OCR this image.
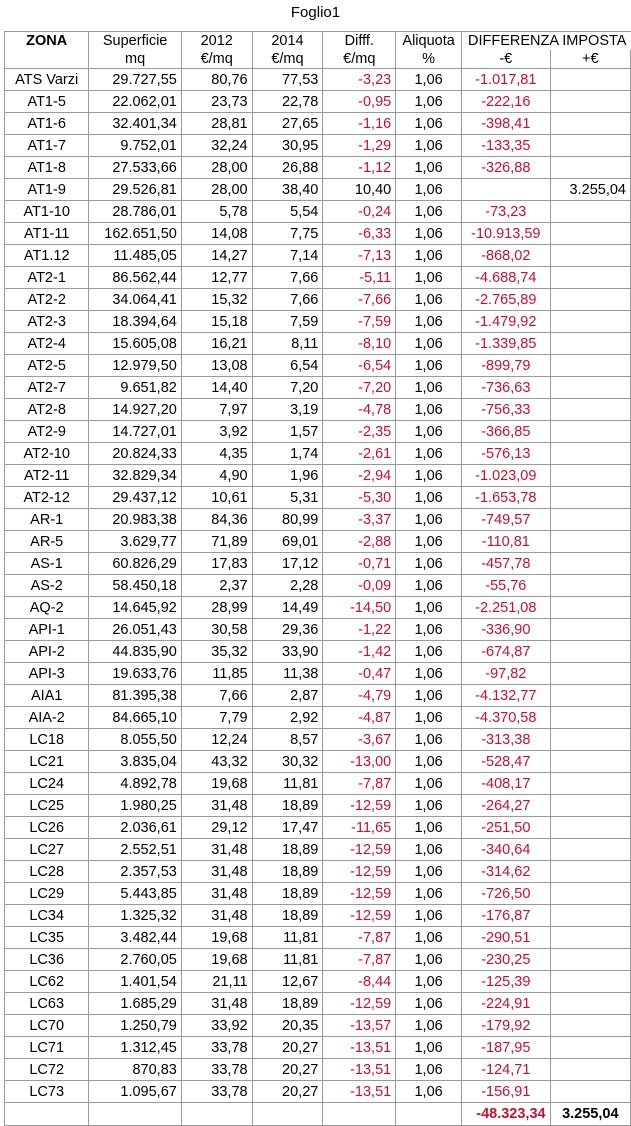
Foglio1
ZONA	Superficie	2012	2014	Difff.	Aliquota	DIFFERENZA IMPOSTA	
	mq	€/mq	€/mq	€/mq	%	-€	+€
ATS Varzi	29.727,55	80,76	77,53	-3,23	1,06	-1.017,81	
AT1-5	22.062,01	23,73	22,78	-0,95	1,06	-222,16	
AT1-6	32.401,34	28,81	27,65	-1,16	1,06	-398,41	
AT1-7	9.752,01	32,24	30,95	-1,29	1,06	-133,35	
AT1-8	27.533,66	28,00	26,88	-1,12	1,06	-326,88	
AT1-9	29.526,81	28,00	38,40	10,40	1,06		3.255,04
AT1-10	28.786,01	5,78	5,54	-0,24	1,06	-73,23	
AT1-11	162.651,50	14,08	7,75	-6,33	1,06	-10.913,59	
AT1.12	11.485,05	14,27	7,14	-7,13	1,06	-868,02	
AT2-1	86.562,44	12,77	7,66	-5,11	1,06	-4.688,74	
AT2-2	34.064,41	15,32	7,66	-7,66	1,06	-2.765,89	
AT2-3	18.394,64	15,18	7,59	-7,59	1,06	-1.479,92	
AT2-4	15.605,08	16,21	8,11	-8,10	1,06	-1.339,85	
AT2-5	12.979,50	13,08	6,54	-6,54	1,06	-899,79	
AT2-7	9.651,82	14,40	7,20	-7,20	1,06	-736,63	
AT2-8	14.927,20	7,97	3,19	-4,78	1,06	-756,33	
AT2-9	14.727,01	3,92	1,57	-2,35	1,06	-366,85	
AT2-10	20.824,33	4,35	1,74	-2,61	1,06	-576,13	
AT2-11	32.829,34	4,90	1,96	-2,94	1,06	-1.023,09	
AT2-12	29.437,12	10,61	5,31	-5,30	1,06	-1.653,78	
AR-1	20.983,38	84,36	80,99	-3,37	1,06	-749,57	
AR-5	3.629,77	71,89	69,01	-2,88	1,06	-110,81	
AS-1	60.826,29	17,83	17,12	-0,71	1,06	-457,78	
AS-2	58.450,18	2,37	2,28	-0,09	1,06	-55,76	
AQ-2	14.645,92	28,99	14,49	-14,50	1,06	-2.251,08	
API-1	26.051,43	30,58	29,36	-1,22	1,06	-336,90	
API-2	44.835,90	35,32	33,90	-1,42	1,06	-674,87	
API-3	19.633,76	11,85	11,38	-0,47	1,06	-97,82	
AIA1	81.395,38	7,66	2,87	-4,79	1,06	-4.132,77	
AIA-2	84.665,10	7,79	2,92	-4,87	1,06	-4.370,58	
LC18	8.055,50	12,24	8,57	-3,67	1,06	-313,38	
LC21	3.835,04	43,32	30,32	-13,00	1,06	-528,47	
LC24	4.892,78	19,68	11,81	-7,87	1,06	-408,17	
LC25	1.980,25	31,48	18,89	-12,59	1,06	-264,27	
LC26	2.036,61	29,12	17,47	-11,65	1,06	-251,50	
LC27	2.552,51	31,48	18,89	-12,59	1,06	-340,64	
LC28	2.357,53	31,48	18,89	-12,59	1,06	-314,62	
LC29	5.443,85	31,48	18,89	-12,59	1,06	-726,50	
LC34	1.325,32	31,48	18,89	-12,59	1,06	-176,87	
LC35	3.482,44	19,68	11,81	-7,87	1,06	-290,51	
LC36	2.760,05	19,68	11,81	-7,87	1,06	-230,25	
LC62	1.401,54	21,11	12,67	-8,44	1,06	-125,39	
LC63	1.685,29	31,48	18,89	-12,59	1,06	-224,91	
LC70	1.250,79	33,92	20,35	-13,57	1,06	-179,92	
LC71	1.312,45	33,78	20,27	-13,51	1,06	-187,95	
LC72	870,83	33,78	20,27	-13,51	1,06	-124,71	
LC73	1.095,67	33,78	20,27	-13,51	1,06	-156,91	
						-48.323,34	3.255,04
